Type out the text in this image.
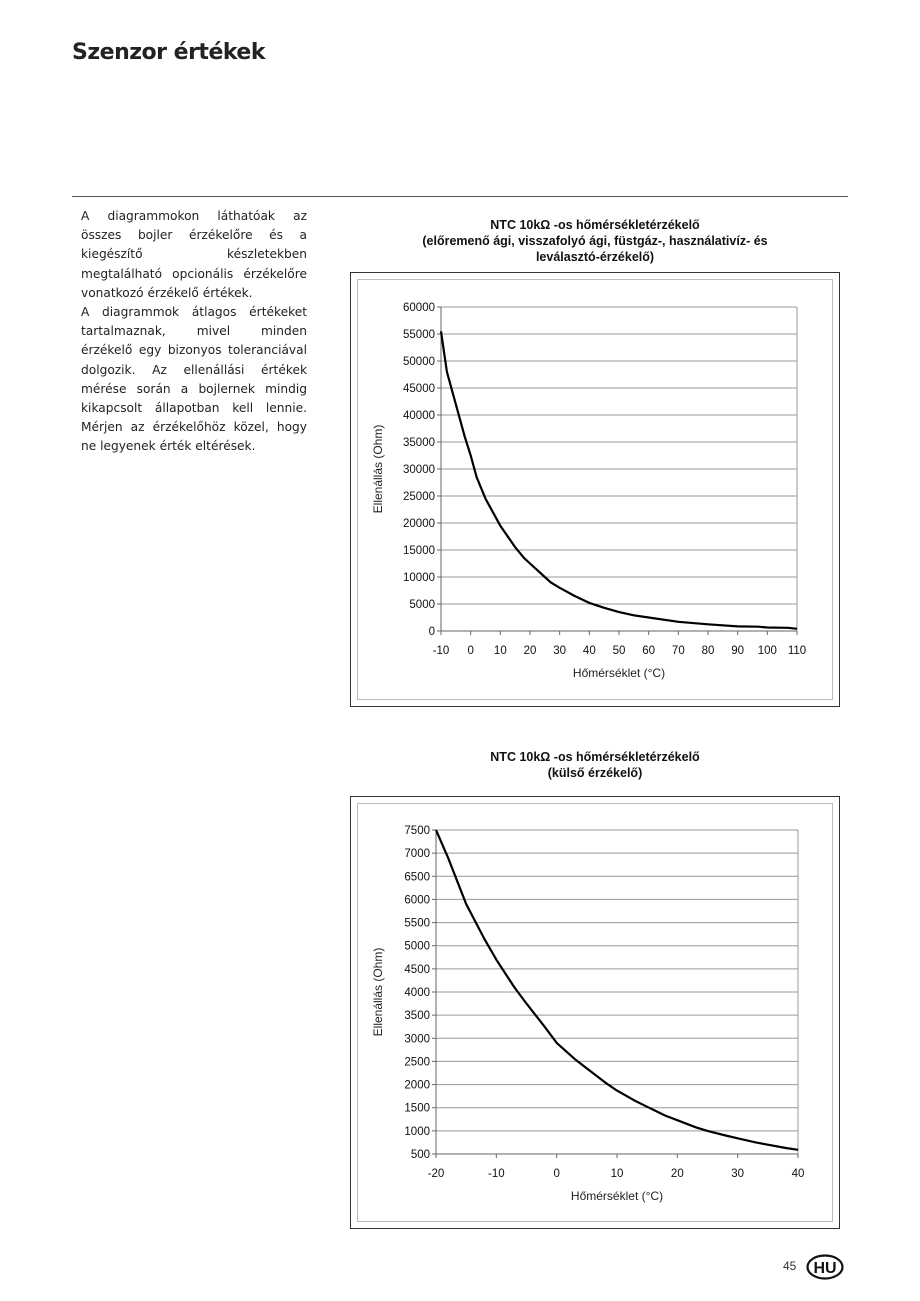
Szenzor értékek

A diagrammokon láthatóak az összes bojler érzékelőre és a kiegészítő készletekben megtalálható opcionális érzékelőre vonatkozó érzékelő értékek.

A diagrammok átlagos értékeket tartalmaznak, mivel minden érzékelő egy bizonyos toleranciával dolgozik. Az ellenállási értékek mérése során a bojlernek mindig kikapcsolt állapotban kell lennie. Mérjen az érzékelőhöz közel, hogy ne legyenek érték eltérések.

NTC 10kΩ -os hőmérsékletérzékelő
(előremenő ági, visszafolyó ági, füstgáz-, használativíz- és
leválasztó-érzékelő)
0
5000
10000
15000
20000
25000
30000
35000
40000
45000
50000
55000
60000
-10 0 10 20 30 40 50 60 70 80 90 100 110
Hőmérséklet (°C)
Ellenállás (Ohm)
NTC 10kΩ -os hőmérsékletérzékelő
(külső érzékelő)
500
1000
1500
2000
2500
3000
3500
4000
4500
5000
5500
6000
6500
7000
7500
-20	-10	0	10	20	30	40
Hőmérséklet (°C)
Ellenállás (Ohm)
45 HU
